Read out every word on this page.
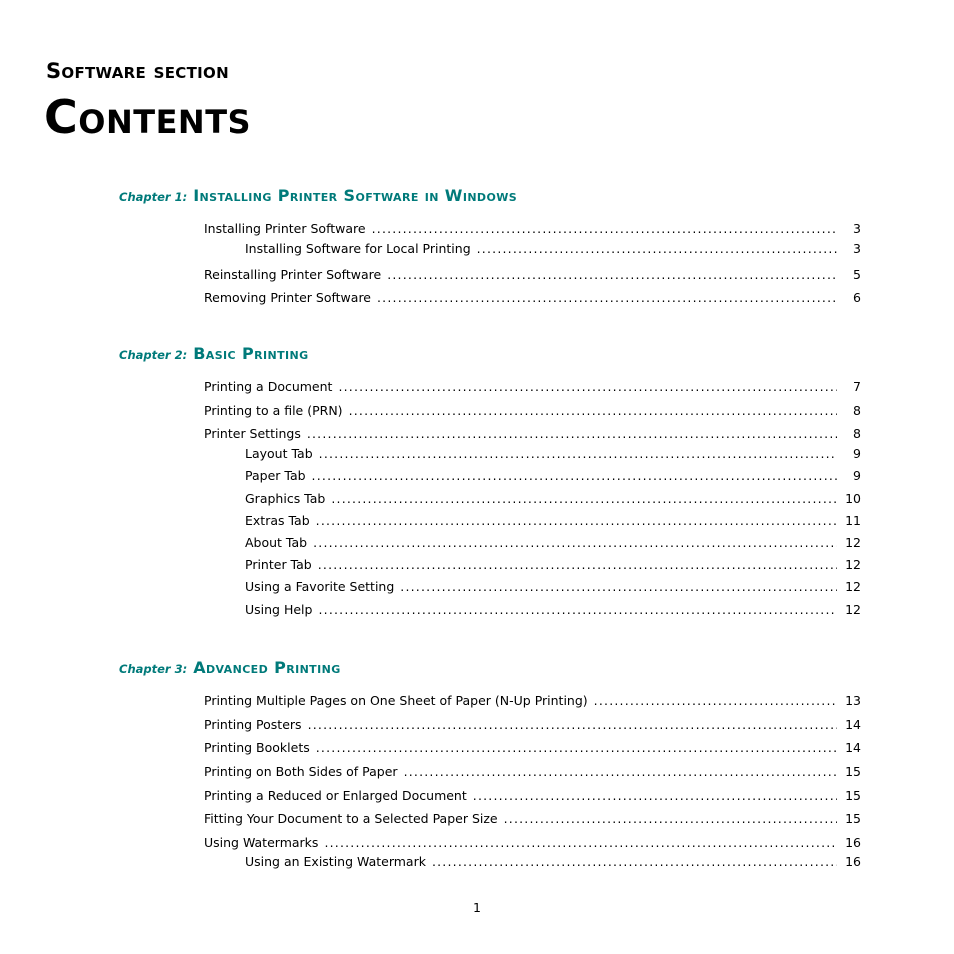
Software section
Contents
Chapter 1: Installing Printer Software in Windows
Installing Printer Software .....	3
Installing Software for Local Printing .....	3
Reinstalling Printer Software .....	5
Removing Printer Software .....	6
Chapter 2: Basic Printing
Printing a Document .....	7
Printing to a file (PRN) .....	8
Printer Settings .....	8
Layout Tab .....	9
Paper Tab .....	9
Graphics Tab .....	10
Extras Tab .....	11
About Tab .....	12
Printer Tab .....	12
Using a Favorite Setting .....	12
Using Help .....	12
Chapter 3: Advanced Printing
Printing Multiple Pages on One Sheet of Paper (N-Up Printing) .....	13
Printing Posters .....	14
Printing Booklets .....	14
Printing on Both Sides of Paper .....	15
Printing a Reduced or Enlarged Document .....	15
Fitting Your Document to a Selected Paper Size .....	15
Using Watermarks .....	16
Using an Existing Watermark .....	16
1
